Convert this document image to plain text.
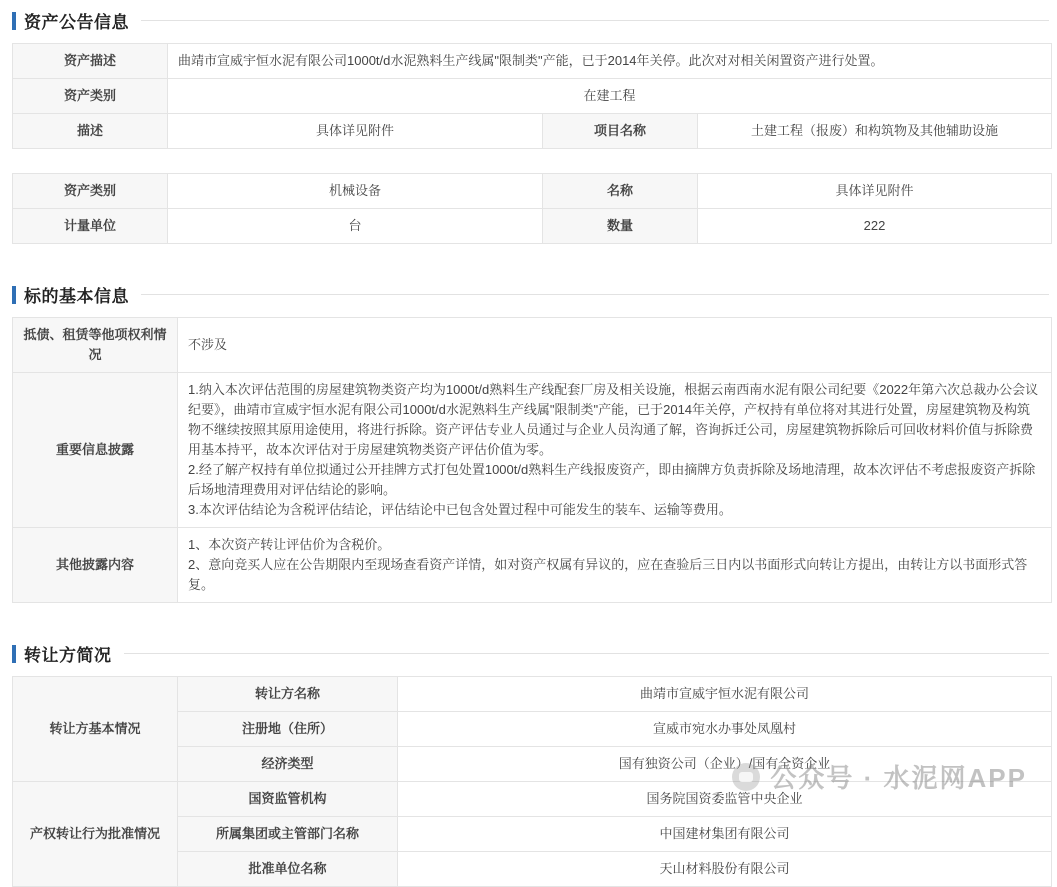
资产公告信息
资产描述	曲靖市宣威宇恒水泥有限公司1000t/d水泥熟料生产线属"限制类"产能，已于2014年关停。此次对对相关闲置资产进行处置。
资产类别	在建工程
描述	具体详见附件	项目名称	土建工程（报废）和构筑物及其他辅助设施
资产类别	机械设备	名称	具体详见附件
计量单位	台	数量	222
标的基本信息
抵债、租赁等他项权利情况	不涉及
重要信息披露	1.纳入本次评估范围的房屋建筑物类资产均为1000t/d熟料生产线配套厂房及相关设施，根据云南西南水泥有限公司纪要《2022年第六次总裁办公会议纪要》，曲靖市宣威宇恒水泥有限公司1000t/d水泥熟料生产线属"限制类"产能，已于2014年关停，产权持有单位将对其进行处置，房屋建筑物及构筑物不继续按照其原用途使用，将进行拆除。资产评估专业人员通过与企业人员沟通了解，咨询拆迁公司，房屋建筑物拆除后可回收材料价值与拆除费用基本持平，故本次评估对于房屋建筑物类资产评估价值为零。
2.经了解产权持有单位拟通过公开挂牌方式打包处置1000t/d熟料生产线报废资产，即由摘牌方负责拆除及场地清理，故本次评估不考虑报废资产拆除后场地清理费用对评估结论的影响。
3.本次评估结论为含税评估结论，评估结论中已包含处置过程中可能发生的装车、运输等费用。

其他披露内容	1、本次资产转让评估价为含税价。
2、意向竞买人应在公告期限内至现场查看资产详情，如对资产权属有异议的，应在查验后三日内以书面形式向转让方提出，由转让方以书面形式答复。
转让方简况
转让方基本情况	转让方名称	曲靖市宣威宇恒水泥有限公司
	注册地（住所）	宣威市宛水办事处凤凰村
	经济类型	国有独资公司（企业）/国有全资企业
产权转让行为批准情况	国资监管机构	国务院国资委监管中央企业
	所属集团或主管部门名称	中国建材集团有限公司
	批准单位名称	天山材料股份有限公司
公众号 · 水泥网APP
